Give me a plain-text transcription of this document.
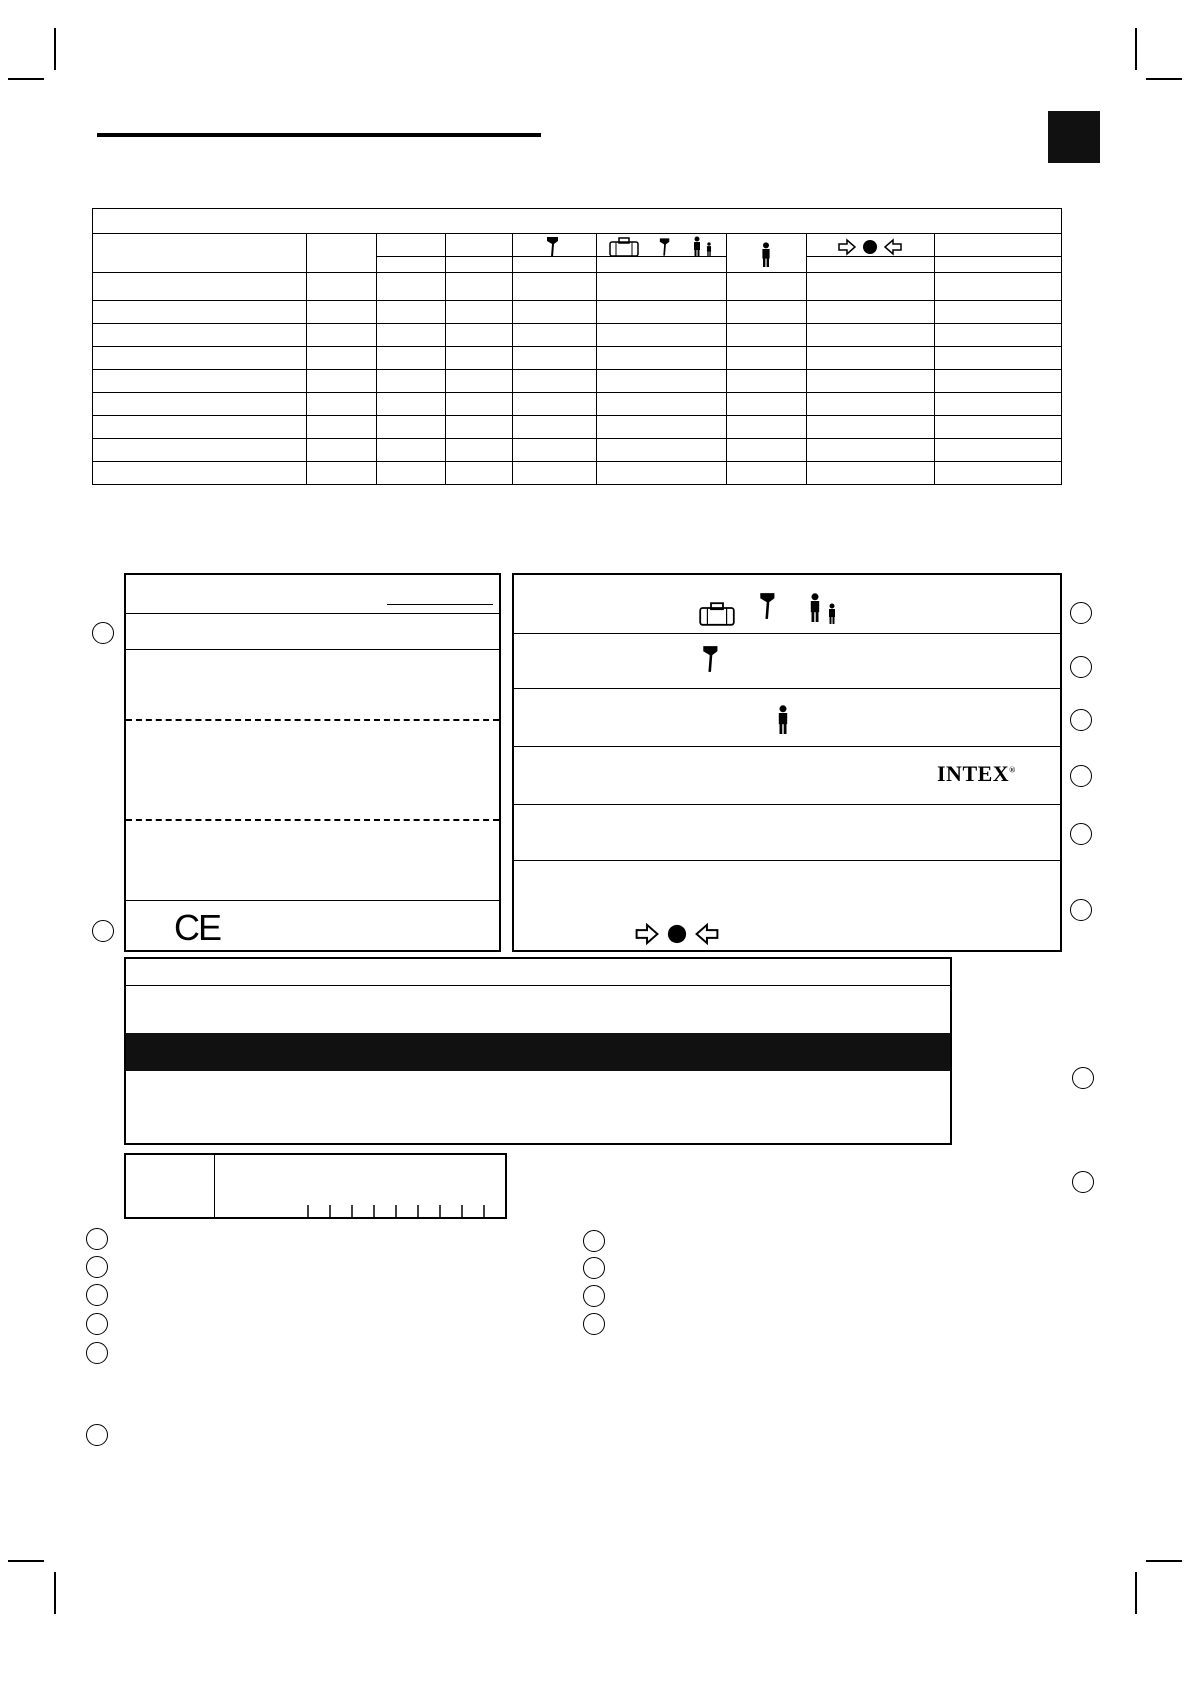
CE
INTEX®
